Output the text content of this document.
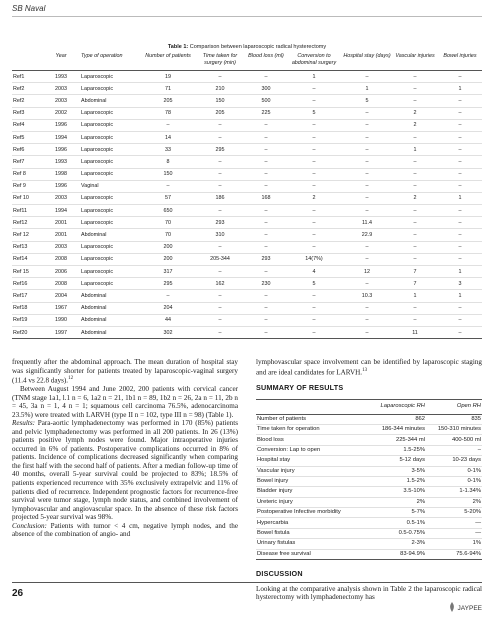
SB Naval
Table 1: Comparison between laparoscopic radical hysterectomy
	Year	Type of operation	Number of patients	Time taken for surgery (min)	Blood loss (ml)	Conversion to abdominal surgery	Hospital stay (days)	Vascular injuries	Bowel injuries
Ref1	1993	Laparoscopic	19	–	–	1	–	–	–
Ref2	2003	Laparoscopic	71	210	300	–	1	–	1
Ref2	2003	Abdominal	205	150	500	–	5	–	–
Ref3	2002	Laparoscopic	78	205	225	5	–	2	–
Ref4	1996	Laparoscopic	–	–	–	–	–	2	–
Ref5	1994	Laparoscopic	14	–	–	–	–	–	–
Ref6	1996	Laparoscopic	33	295	–	–	–	1	–
Ref7	1993	Laparoscopic	8	–	–	–	–	–	–
Ref 8	1998	Laparoscopic	150	–	–	–	–	–	–
Ref 9	1996	Vaginal	–	–	–	–	–	–	–
Ref 10	2003	Laparoscopic	57	186	168	2	–	2	1
Ref11	1994	Laparoscopic	650	–	–	–	–	–	–
Ref12	2001	Laparoscopic	70	293	–	–	11.4	–	–
Ref 12	2001	Abdominal	70	310	–	–	22.9	–	–
Ref13	2003	Laparoscopic	200	–	–	–	–	–	–
Ref14	2008	Laparoscopic	200	205-344	293	14(7%)	–	–	–
Ref 15	2006	Laparoscopic	317	–	–	4	12	7	1
Ref16	2008	Laparoscopic	295	162	230	5	–	7	3
Ref17	2004	Abdominal	–	–	–	–	10.3	1	1
Ref18	1967	Abdominal	204	–	–	–	–	–	–
Ref19	1990	Abdominal	44	–	–	–	–	–	–
Ref20	1997	Abdominal	302	–	–	–	–	11	–

frequently after the abdominal approach. The mean duration of hospital stay was significantly shorter for patients treated by laparoscopic-vaginal surgery (11.4 vs 22.8 days).$^{12}$

Between August 1994 and June 2002, 200 patients with cervical cancer (TNM stage 1a1, l.1 n = 6, 1a2 n = 21, 1b1 n = 89, 1b2 n = 26, 2a n = 11, 2b n = 45, 3a n = 1, 4 n = 1; squamous cell carcinoma 76.5%, adenocarcinoma 23.5%) were treated with LARVH (type II n = 102, type III n = 98) (Table 1).

Results: Para-aortic lymphadenectomy was performed in 170 (85%) patients and pelvic lymphadenectomy was performed in all 200 patients. In 26 (13%) patients positive lymph nodes were found. Major intraoperative injuries occurred in 6% of patients. Postoperative complications occurred in 8% of patients. Incidence of complications decreased significantly when comparing the first half with the second half of patients. After a median follow-up time of 40 months, overall 5-year survival could be projected to 83%; 18.5% of patients experienced recurrence with 35% exclusively extrapelvic and 11% of patients died of recurrence. Independent prognostic factors for recurrence-free survival were tumor stage, lymph node status, and combined involvement of lymphovascular and angiovascular space. In the absence of these risk factors projected 5-year survival was 98%.

Conclusion: Patients with tumor < 4 cm, negative lymph nodes, and the absence of the combination of angio- and

lymphovascular space involvement can be identified by laparoscopic staging and are ideal candidates for LARVH.$^{13}$

SUMMARY OF RESULTS
	Laparoscopic RH	Open RH
Number of patients	862	835
Time taken for operation	186-344 minutes	150-310 minutes
Blood loss	225-344 ml	400-500 ml
Conversion: Lap to open	1.5-25%	–
Hospital stay	5-12 days	10-23 days
Vascular injury	3-5%	0-1%
Bowel injury	1.5-2%	0-1%
Bladder injury	3.5-10%	1-1.34%
Ureteric injury	2%	2%
Postoperative Infective morbidity	5-7%	5-20%
Hypercarbia	0.5-1%	—
Bowel fistula	0.5-0.75%	—
Urinary fistulas	2-3%	1%
Disease free survival	83-94.9%	75.6-94%
DISCUSSION

Looking at the comparative analysis shown in Table 2 the laparoscopic radical hysterectomy with lymphadenectomy has

26
JAYPEE
